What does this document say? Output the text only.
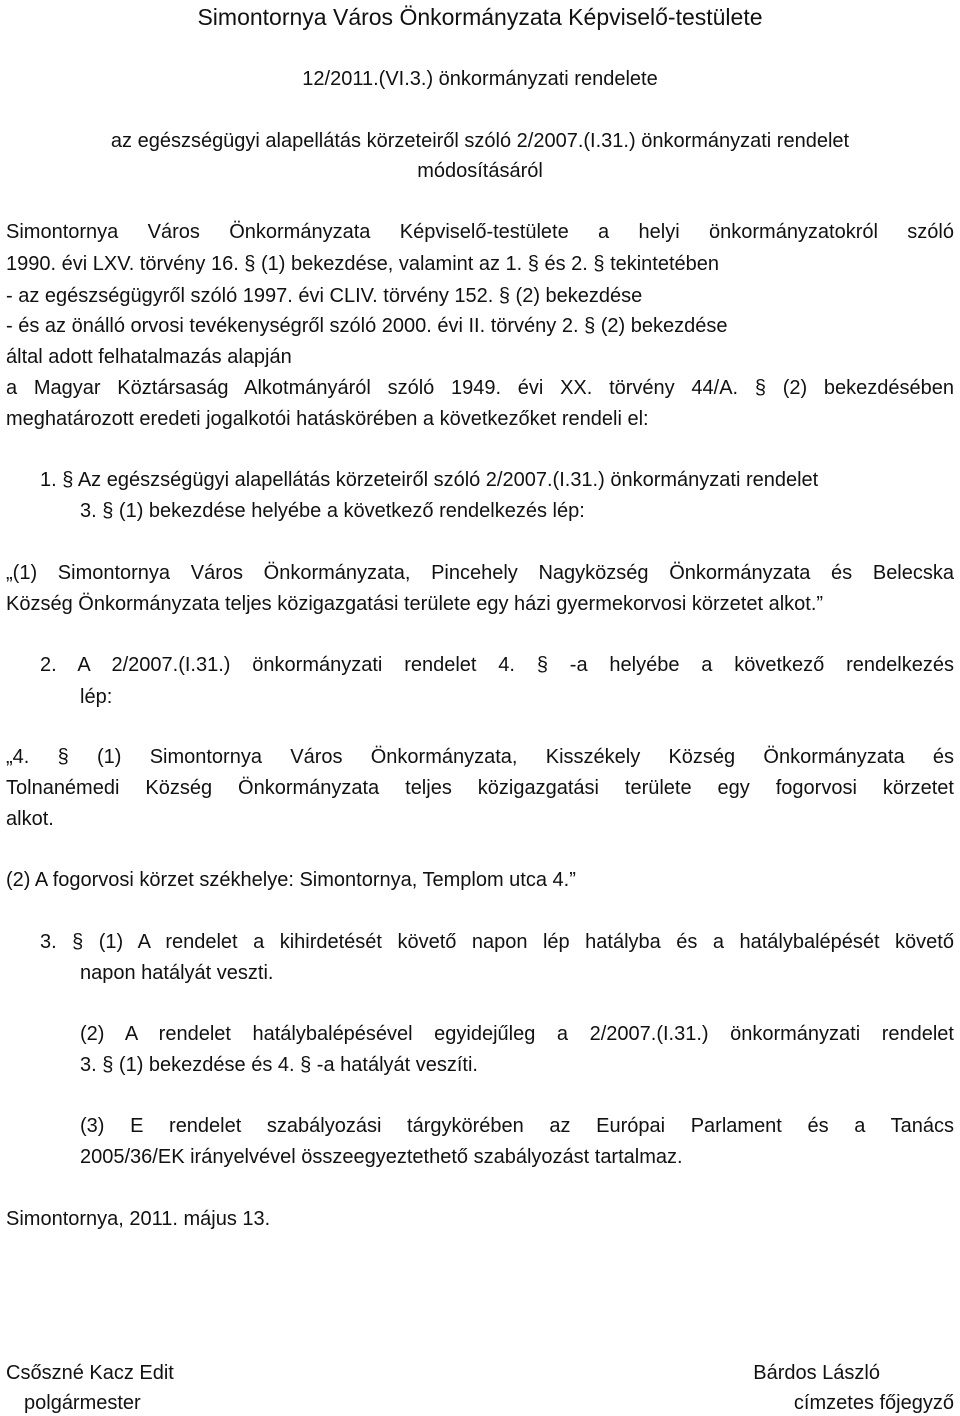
Simontornya Város Önkormányzata Képviselő-testülete
12/2011.(VI.3.) önkormányzati rendelete
az egészségügyi alapellátás körzeteiről szóló 2/2007.(I.31.) önkormányzati rendelet
módosításáról
Simontornya Város Önkormányzata Képviselő-testülete a helyi önkormányzatokról szóló
1990. évi LXV. törvény 16. § (1) bekezdése, valamint az 1. § és 2. § tekintetében
- az egészségügyről szóló 1997. évi CLIV. törvény 152. § (2) bekezdése
- és az önálló orvosi tevékenységről szóló 2000. évi II. törvény 2. § (2) bekezdése
által adott felhatalmazás alapján
a Magyar Köztársaság Alkotmányáról szóló 1949. évi XX. törvény 44/A. § (2) bekezdésében
meghatározott eredeti jogalkotói hatáskörében a következőket rendeli el:
1. § Az egészségügyi alapellátás körzeteiről szóló 2/2007.(I.31.) önkormányzati rendelet
3. § (1) bekezdése helyébe a következő rendelkezés lép:
„(1) Simontornya Város Önkormányzata, Pincehely Nagyközség Önkormányzata és Belecska
Község Önkormányzata teljes közigazgatási területe egy házi gyermekorvosi körzetet alkot.”
2. A 2/2007.(I.31.) önkormányzati rendelet 4. § -a helyébe a következő rendelkezés
lép:
„4. § (1) Simontornya Város Önkormányzata, Kisszékely Község Önkormányzata és
Tolnanémedi Község Önkormányzata teljes közigazgatási területe egy fogorvosi körzetet
alkot.
(2) A fogorvosi körzet székhelye: Simontornya, Templom utca 4.”
3. § (1) A rendelet a kihirdetését követő napon lép hatályba és a hatálybalépését követő
napon hatályát veszti.
(2) A rendelet hatálybalépésével egyidejűleg a 2/2007.(I.31.) önkormányzati rendelet
3. § (1) bekezdése és 4. § -a hatályát veszíti.
(3) E rendelet szabályozási tárgykörében az Európai Parlament és a Tanács
2005/36/EK irányelvével összeegyeztethető szabályozást tartalmaz.
Simontornya, 2011. május 13.
Csőszné Kacz Edit
polgármester
Bárdos László
címzetes főjegyző
